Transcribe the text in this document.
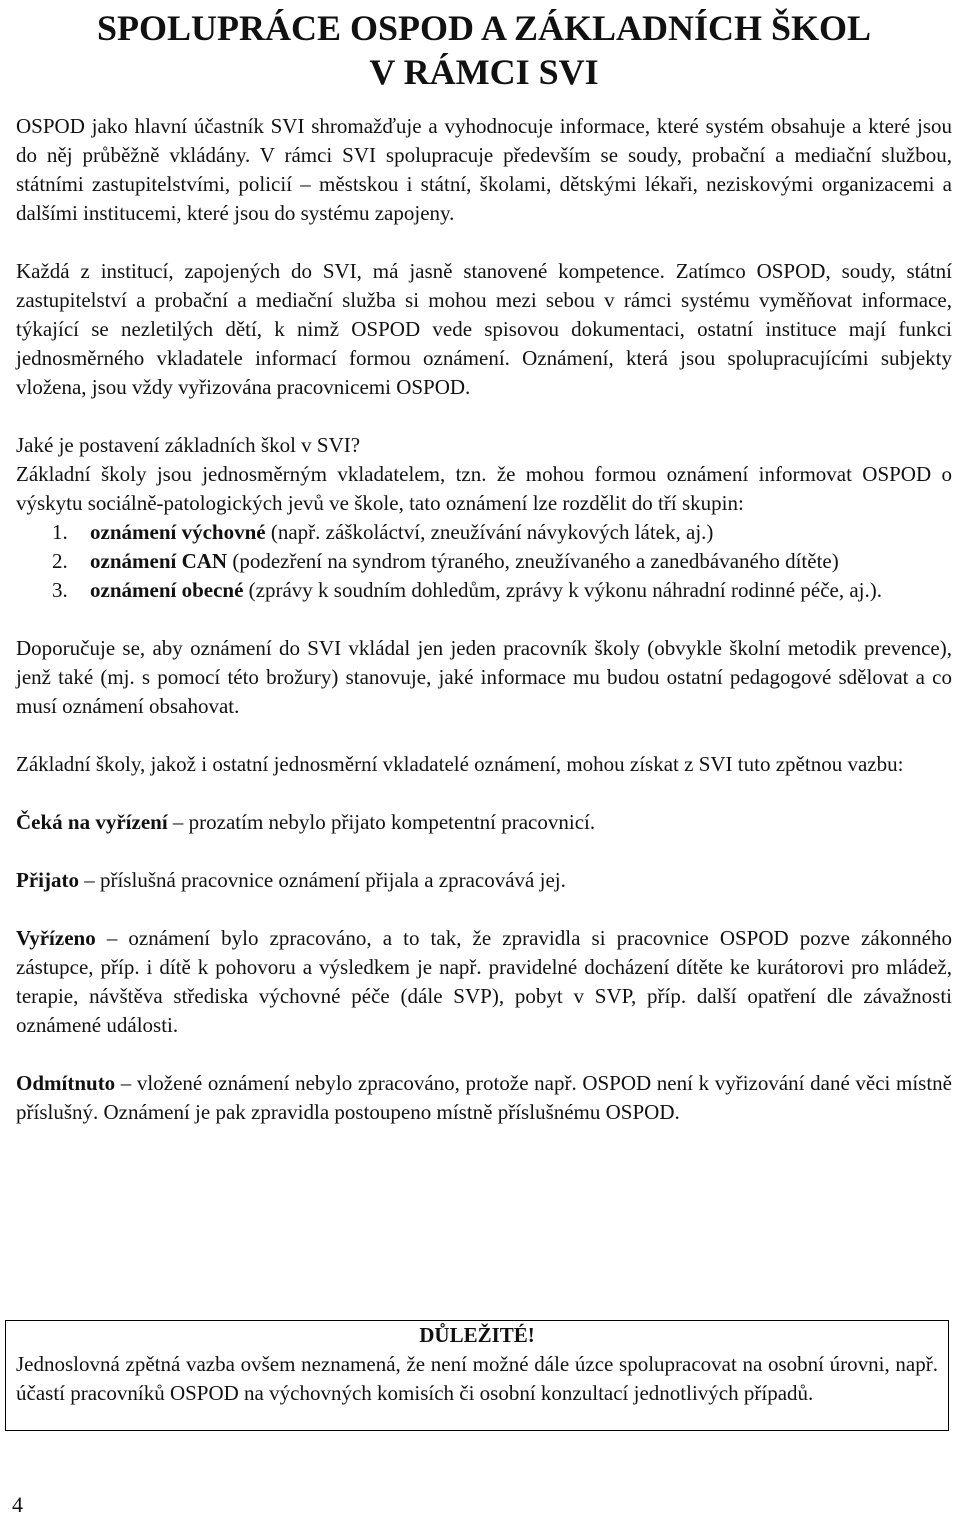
SPOLUPRÁCE OSPOD A ZÁKLADNÍCH ŠKOL
V RÁMCI SVI

OSPOD jako hlavní účastník SVI shromažďuje a vyhodnocuje informace, které systém obsahuje a které jsou do něj průběžně vkládány. V rámci SVI spolupracuje především se soudy, probační a mediační službou, státními zastupitelstvími, policií – městskou i státní, školami, dětskými lékaři, neziskovými organizacemi a dalšími institucemi, které jsou do systému zapojeny.

Každá z institucí, zapojených do SVI, má jasně stanovené kompetence. Zatímco OSPOD, soudy, státní zastupitelství a probační a mediační služba si mohou mezi sebou v rámci systému vyměňovat informace, týkající se nezletilých dětí, k nimž OSPOD vede spisovou dokumentaci, ostatní instituce mají funkci jednosměrného vkladatele informací formou oznámení. Oznámení, která jsou spolupracujícími subjekty vložena, jsou vždy vyřizována pracovnicemi OSPOD.

Jaké je postavení základních škol v SVI?

Základní školy jsou jednosměrným vkladatelem, tzn. že mohou formou oznámení informovat OSPOD o výskytu sociálně-patologických jevů ve škole, tato oznámení lze rozdělit do tří skupin:

1. oznámení výchovné (např. záškoláctví, zneužívání návykových látek, aj.)
2. oznámení CAN (podezření na syndrom týraného, zneužívaného a zanedbávaného dítěte)
3. oznámení obecné (zprávy k soudním dohledům, zprávy k výkonu náhradní rodinné péče, aj.).

Doporučuje se, aby oznámení do SVI vkládal jen jeden pracovník školy (obvykle školní metodik prevence), jenž také (mj. s pomocí této brožury) stanovuje, jaké informace mu budou ostatní pedagogové sdělovat a co musí oznámení obsahovat.

Základní školy, jakož i ostatní jednosměrní vkladatelé oznámení, mohou získat z SVI tuto zpětnou vazbu:

Čeká na vyřízení – prozatím nebylo přijato kompetentní pracovnicí.

Přijato – příslušná pracovnice oznámení přijala a zpracovává jej.

Vyřízeno – oznámení bylo zpracováno, a to tak, že zpravidla si pracovnice OSPOD pozve zákonného zástupce, příp. i dítě k pohovoru a výsledkem je např. pravidelné docházení dítěte ke kurátorovi pro mládež, terapie, návštěva střediska výchovné péče (dále SVP), pobyt v SVP, příp. další opatření dle závažnosti oznámené události.

Odmítnuto – vložené oznámení nebylo zpracováno, protože např. OSPOD není k vyřizování dané věci místně příslušný. Oznámení je pak zpravidla postoupeno místně příslušnému OSPOD.

DŮLEŽITÉ!
Jednoslovná zpětná vazba ovšem neznamená, že není možné dále úzce spolupracovat na osobní úrovni, např. účastí pracovníků OSPOD na výchovných komisích či osobní konzultací jednotlivých případů.
4
